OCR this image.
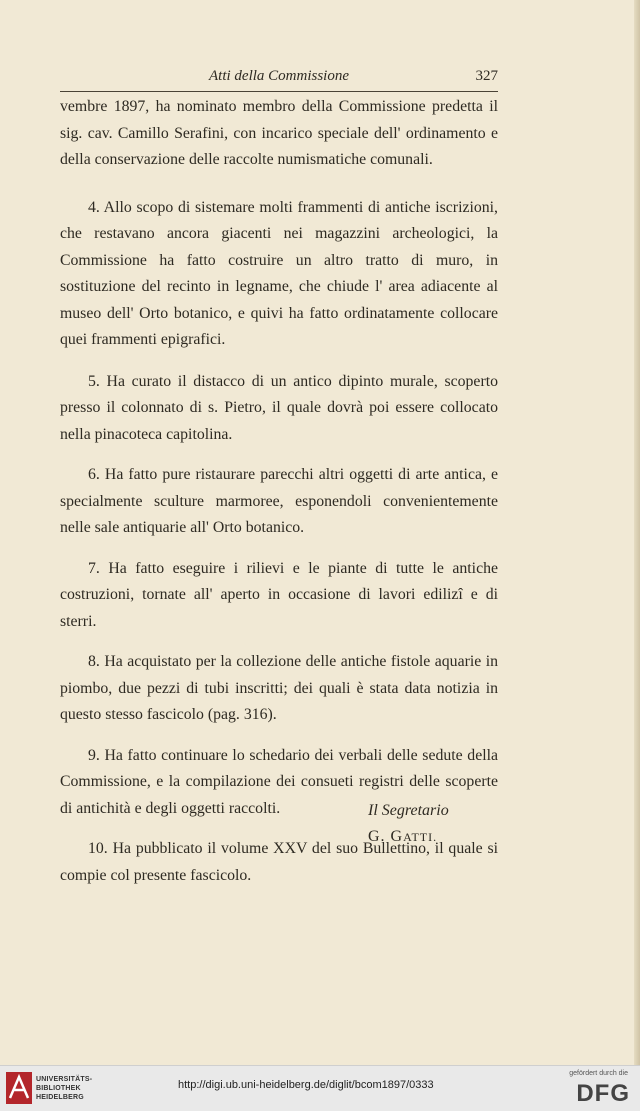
Atti della Commissione	327

vembre 1897, ha nominato membro della Commissione predetta il sig. cav. Camillo Serafini, con incarico speciale dell' ordinamento e della conservazione delle raccolte numismatiche comunali.

4. Allo scopo di sistemare molti frammenti di antiche iscrizioni, che restavano ancora giacenti nei magazzini archeologici, la Commissione ha fatto costruire un altro tratto di muro, in sostituzione del recinto in legname, che chiude l' area adiacente al museo dell' Orto botanico, e quivi ha fatto ordinatamente collocare quei frammenti epigrafici.

5. Ha curato il distacco di un antico dipinto murale, scoperto presso il colonnato di s. Pietro, il quale dovrà poi essere collocato nella pinacoteca capitolina.

6. Ha fatto pure ristaurare parecchi altri oggetti di arte antica, e specialmente sculture marmoree, esponendoli convenientemente nelle sale antiquarie all' Orto botanico.

7. Ha fatto eseguire i rilievi e le piante di tutte le antiche costruzioni, tornate all' aperto in occasione di lavori edilizî e di sterri.

8. Ha acquistato per la collezione delle antiche fistole aquarie in piombo, due pezzi di tubi inscritti; dei quali è stata data notizia in questo stesso fascicolo (pag. 316).

9. Ha fatto continuare lo schedario dei verbali delle sedute della Commissione, e la compilazione dei consueti registri delle scoperte di antichità e degli oggetti raccolti.

10. Ha pubblicato il volume XXV del suo Bullettino, il quale si compie col presente fascicolo.

Il Segretario
G. GATTI.
UNIVERSITÄTS-
BIBLIOTHEK
HEIDELBERG
http://digi.ub.uni-heidelberg.de/diglit/bcom1897/0333
gefördert durch die
DFG
